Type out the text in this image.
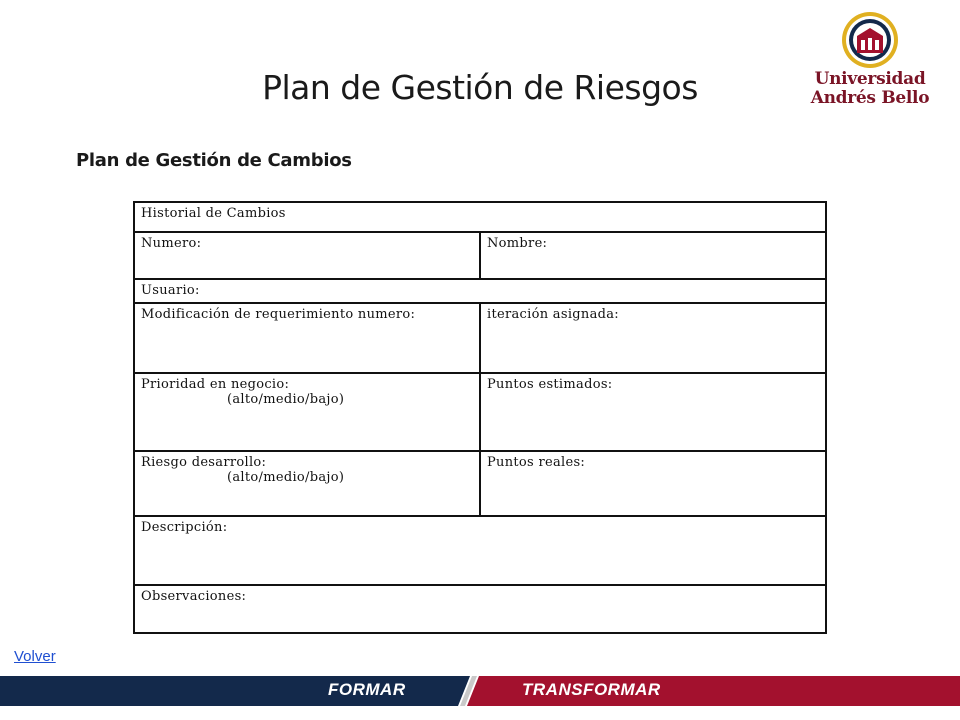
Plan de Gestión de Riesgos	Universidad
Andrés Bello
Plan de Gestión de Cambios
Historial de Cambios	
Numero:	Nombre:
Usuario:	
Modificación de requerimiento numero:	iteración asignada:
Prioridad en negocio:
(alto/medio/bajo)	Puntos estimados:
Riesgo desarrollo:
(alto/medio/bajo)	Puntos reales:
Descripción:	
Observaciones:	
Volver
FORMAR	TRANSFORMAR
